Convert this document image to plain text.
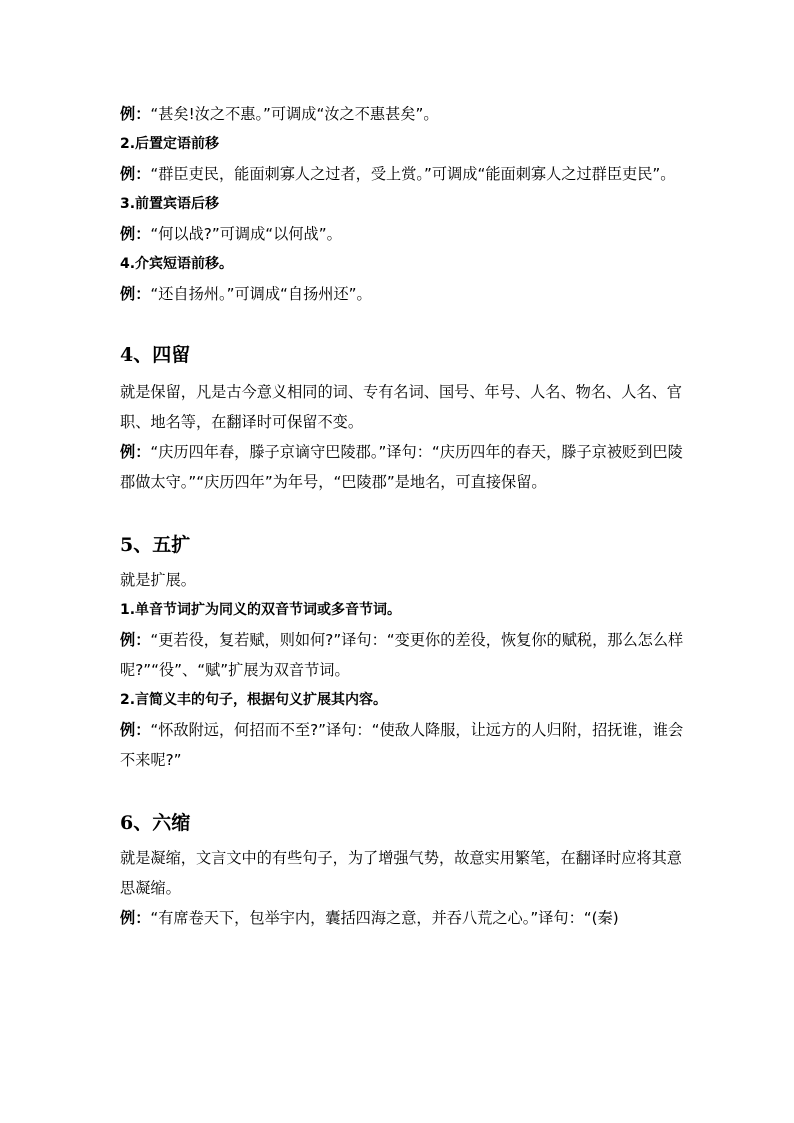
例：“甚矣!汝之不惠。”可调成“汝之不惠甚矣”。
2.后置定语前移
例：“群臣吏民，能面刺寡人之过者，受上赏。”可调成“能面刺寡人之过群臣吏民”。
3.前置宾语后移
例：“何以战?”可调成“以何战”。
4.介宾短语前移。
例：“还自扬州。”可调成“自扬州还”。
4、四留
就是保留，凡是古今意义相同的词、专有名词、国号、年号、人名、物名、人名、官职、地名等，在翻译时可保留不变。
例：“庆历四年春，滕子京谪守巴陵郡。”译句：“庆历四年的春天，滕子京被贬到巴陵郡做太守。”“庆历四年”为年号，“巴陵郡”是地名，可直接保留。
5、五扩
就是扩展。
1.单音节词扩为同义的双音节词或多音节词。
例：“更若役，复若赋，则如何?”译句：“变更你的差役，恢复你的赋税，那么怎么样呢?”“役”、“赋”扩展为双音节词。
2.言简义丰的句子，根据句义扩展其内容。
例：“怀敌附远，何招而不至?”译句：“使敌人降服，让远方的人归附，招抚谁，谁会不来呢?”
6、六缩
就是凝缩，文言文中的有些句子，为了增强气势，故意实用繁笔，在翻译时应将其意思凝缩。
例：“有席卷天下，包举宇内，囊括四海之意，并吞八荒之心。”译句：“(秦)
